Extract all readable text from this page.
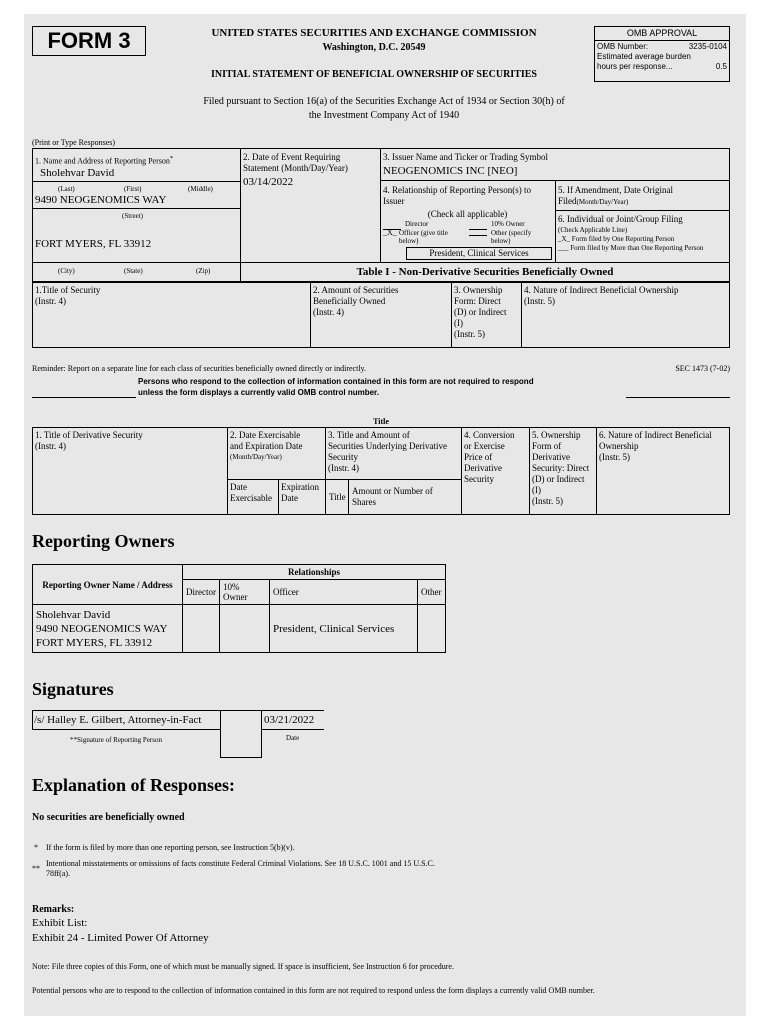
FORM 3	UNITED STATES SECURITIES AND EXCHANGE COMMISSION
Washington, D.C. 20549
INITIAL STATEMENT OF BENEFICIAL OWNERSHIP OF SECURITIES
OMB APPROVAL
OMB Number:	3235-0104
Estimated average burden
hours per response...	0.5
Filed pursuant to Section 16(a) of the Securities Exchange Act of 1934 or Section 30(h) of
the Investment Company Act of 1940
(Print or Type Responses)
1. Name and Address of Reporting Person*
Sholehvar David
(Last)	(First)	(Middle)
9490 NEOGENOMICS WAY
(Street)
FORT MYERS, FL 33912
(City)	(State)	(Zip)
2. Date of Event Requiring
Statement (Month/Day/Year)
03/14/2022
3. Issuer Name and Ticker or Trading Symbol
NEOGENOMICS INC [NEO]
4. Relationship of Reporting Person(s) to
Issuer
(Check all applicable)
Director	10% Owner
_X_ Officer (give title below)
Other (specify below)
President, Clinical Services
5. If Amendment, Date Original
Filed(Month/Day/Year)
6. Individual or Joint/Group Filing
(Check Applicable Line)
_X_ Form filed by One Reporting Person
___ Form filed by More than One Reporting Person
Table I - Non-Derivative Securities Beneficially Owned
1.Title of Security
(Instr. 4)
2. Amount of Securities
Beneficially Owned
(Instr. 4)
3. Ownership
Form: Direct
(D) or Indirect
(I)
(Instr. 5)
4. Nature of Indirect Beneficial Ownership
(Instr. 5)
Reminder: Report on a separate line for each class of securities beneficially owned directly or indirectly.	SEC 1473 (7-02)
Persons who respond to the collection of information contained in this form are not required to respond
unless the form displays a currently valid OMB control number.
Title
1. Title of Derivative Security
(Instr. 4)
2. Date Exercisable
and Expiration Date
(Month/Day/Year)
3. Title and Amount of
Securities Underlying Derivative
Security
(Instr. 4)
4. Conversion
or Exercise
Price of
Derivative
Security
5. Ownership
Form of
Derivative
Security: Direct
(D) or Indirect
(I)
(Instr. 5)
6. Nature of Indirect Beneficial
Ownership
(Instr. 5)
Date
Exercisable
Expiration
Date	Title
Amount or Number of
Shares
Reporting Owners
Reporting Owner Name / Address	Relationships			
	Director	10% Owner	Officer	Other

Sholehvar David
9490 NEOGENOMICS WAY
FORT MYERS, FL 33912			President, Clinical Services	
Signatures
/s/ Halley E. Gilbert, Attorney-in-Fact
**Signature of Reporting Person
03/21/2022
Date
Explanation of Responses:
No securities are beneficially owned
* If the form is filed by more than one reporting person, see Instruction 5(b)(v).
**
Intentional misstatements or omissions of facts constitute Federal Criminal Violations. See 18 U.S.C. 1001 and 15 U.S.C.
78ff(a).
Remarks:
Exhibit List:
Exhibit 24 - Limited Power Of Attorney
Note: File three copies of this Form, one of which must be manually signed. If space is insufficient, See Instruction 6 for procedure.
Potential persons who are to respond to the collection of information contained in this form are not required to respond unless the form displays a currently valid OMB number.
